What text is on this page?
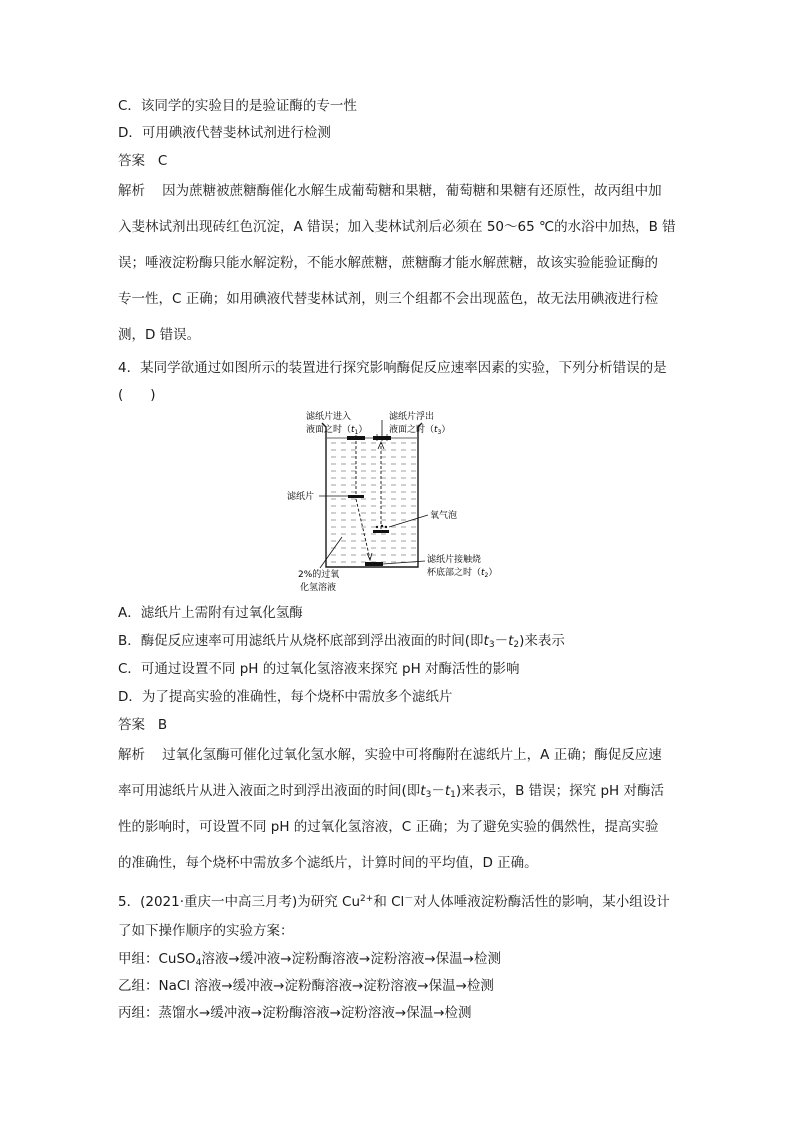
C．该同学的实验目的是验证酶的专一性
D．可用碘液代替斐林试剂进行检测
答案 C
解析 因为蔗糖被蔗糖酶催化水解生成葡萄糖和果糖，葡萄糖和果糖有还原性，故丙组中加
入斐林试剂出现砖红色沉淀，A 错误；加入斐林试剂后必须在 50～65 ℃的水浴中加热，B 错
误；唾液淀粉酶只能水解淀粉，不能水解蔗糖，蔗糖酶才能水解蔗糖，故该实验能验证酶的
专一性，C 正确；如用碘液代替斐林试剂，则三个组都不会出现蓝色，故无法用碘液进行检
测，D 错误。
4．某同学欲通过如图所示的装置进行探究影响酶促反应速率因素的实验，下列分析错误的是
(　　)
滤纸片进入
液面之时$(t_1)$
滤纸片浮出
液面之时$(t_3)$
滤纸片
氧气泡
滤纸片接触烧
杯底部之时$(t_2)$
2%的过氧
化氢溶液
A．滤纸片上需附有过氧化氢酶
B．酶促反应速率可用滤纸片从烧杯底部到浮出液面的时间(即$t_3-t_2$)来表示
C．可通过设置不同 pH 的过氧化氢溶液来探究 pH 对酶活性的影响
D．为了提高实验的准确性，每个烧杯中需放多个滤纸片
答案 B
解析 过氧化氢酶可催化过氧化氢水解，实验中可将酶附在滤纸片上，A 正确；酶促反应速
率可用滤纸片从进入液面之时到浮出液面的时间(即$t_3-t_1$)来表示，B 错误；探究 pH 对酶活
性的影响时，可设置不同 pH 的过氧化氢溶液，C 正确；为了避免实验的偶然性，提高实验
的准确性，每个烧杯中需放多个滤纸片，计算时间的平均值，D 正确。
5．(2021·重庆一中高三月考)为研究 $Cu^{2+}$和 Cl－对人体唾液淀粉酶活性的影响，某小组设计
了如下操作顺序的实验方案：
甲组：CuSO$_4$溶液→缓冲液→淀粉酶溶液→淀粉溶液→保温→检测
乙组：NaCl 溶液→缓冲液→淀粉酶溶液→淀粉溶液→保温→检测
丙组：蒸馏水→缓冲液→淀粉酶溶液→淀粉溶液→保温→检测
